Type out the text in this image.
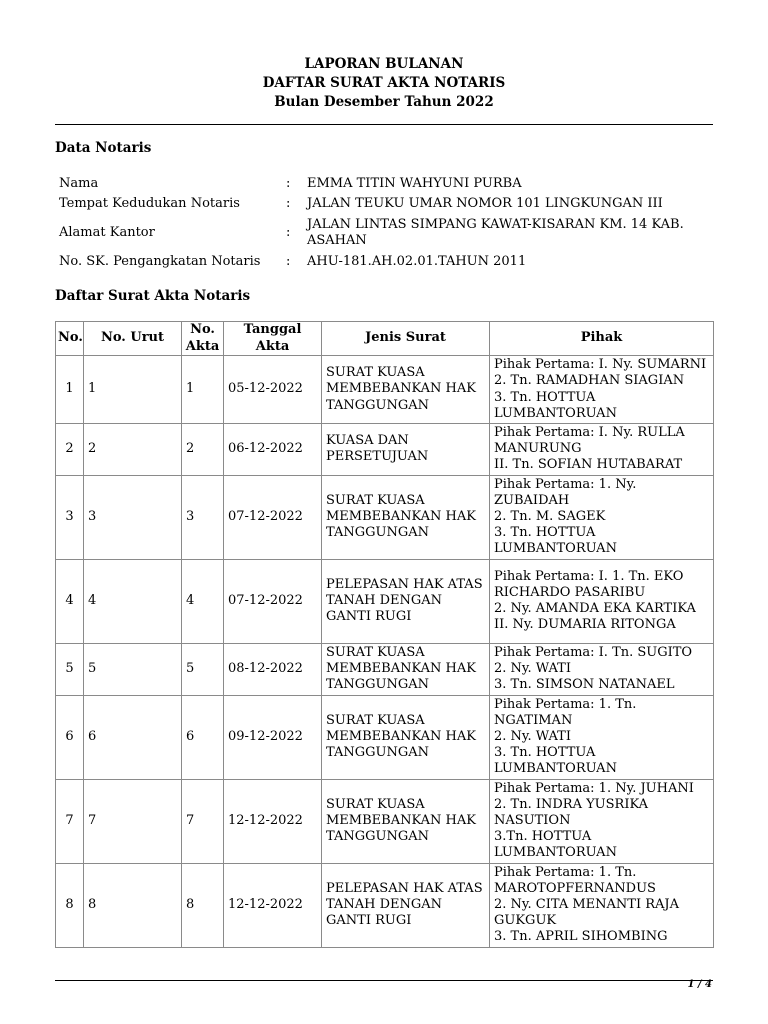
LAPORAN BULANAN
DAFTAR SURAT AKTA NOTARIS
Bulan Desember Tahun 2022
Data Notaris
Nama	:	EMMA TITIN WAHYUNI PURBA
Tempat Kedudukan Notaris	:	JALAN TEUKU UMAR NOMOR 101 LINGKUNGAN III
Alamat Kantor	:
JALAN LINTAS SIMPANG KAWAT-KISARAN KM. 14 KAB. ASAHAN
No. SK. Pengangkatan Notaris	:	AHU-181.AH.02.01.TAHUN 2011
Daftar Surat Akta Notaris
No.	No. Urut	No. Akta	Tanggal Akta	Jenis Surat	Pihak
1	1	1	05-12-2022	SURAT KUASA MEMBEBANKAN HAK TANGGUNGAN	Pihak Pertama: I. Ny. SUMARNI
2. Tn. RAMADHAN SIAGIAN
3. Tn. HOTTUA LUMBANTORUAN
2	2	2	06-12-2022	KUASA DAN PERSETUJUAN	Pihak Pertama: I. Ny. RULLA MANURUNG
II. Tn. SOFIAN HUTABARAT
3	3	3	07-12-2022	SURAT KUASA MEMBEBANKAN HAK TANGGUNGAN	Pihak Pertama: 1. Ny. ZUBAIDAH
2. Tn. M. SAGEK
3. Tn. HOTTUA LUMBANTORUAN
4	4	4	07-12-2022	PELEPASAN HAK ATAS TANAH DENGAN GANTI RUGI	Pihak Pertama: I. 1. Tn. EKO RICHARDO PASARIBU
2. Ny. AMANDA EKA KARTIKA
II. Ny. DUMARIA RITONGA
5	5	5	08-12-2022	SURAT KUASA MEMBEBANKAN HAK TANGGUNGAN	Pihak Pertama: I. Tn. SUGITO
2. Ny. WATI
3. Tn. SIMSON NATANAEL
6	6	6	09-12-2022	SURAT KUASA MEMBEBANKAN HAK TANGGUNGAN	Pihak Pertama: 1. Tn. NGATIMAN
2. Ny. WATI
3. Tn. HOTTUA LUMBANTORUAN
7	7	7	12-12-2022	SURAT KUASA MEMBEBANKAN HAK TANGGUNGAN	Pihak Pertama: 1. Ny. JUHANI
2. Tn. INDRA YUSRIKA NASUTION
3.Tn. HOTTUA LUMBANTORUAN
8	8	8	12-12-2022	PELEPASAN HAK ATAS TANAH DENGAN GANTI RUGI	Pihak Pertama: 1. Tn. MAROTOPFERNANDUS
2. Ny. CITA MENANTI RAJA GUKGUK
3. Tn. APRIL SIHOMBING
1 / 4
